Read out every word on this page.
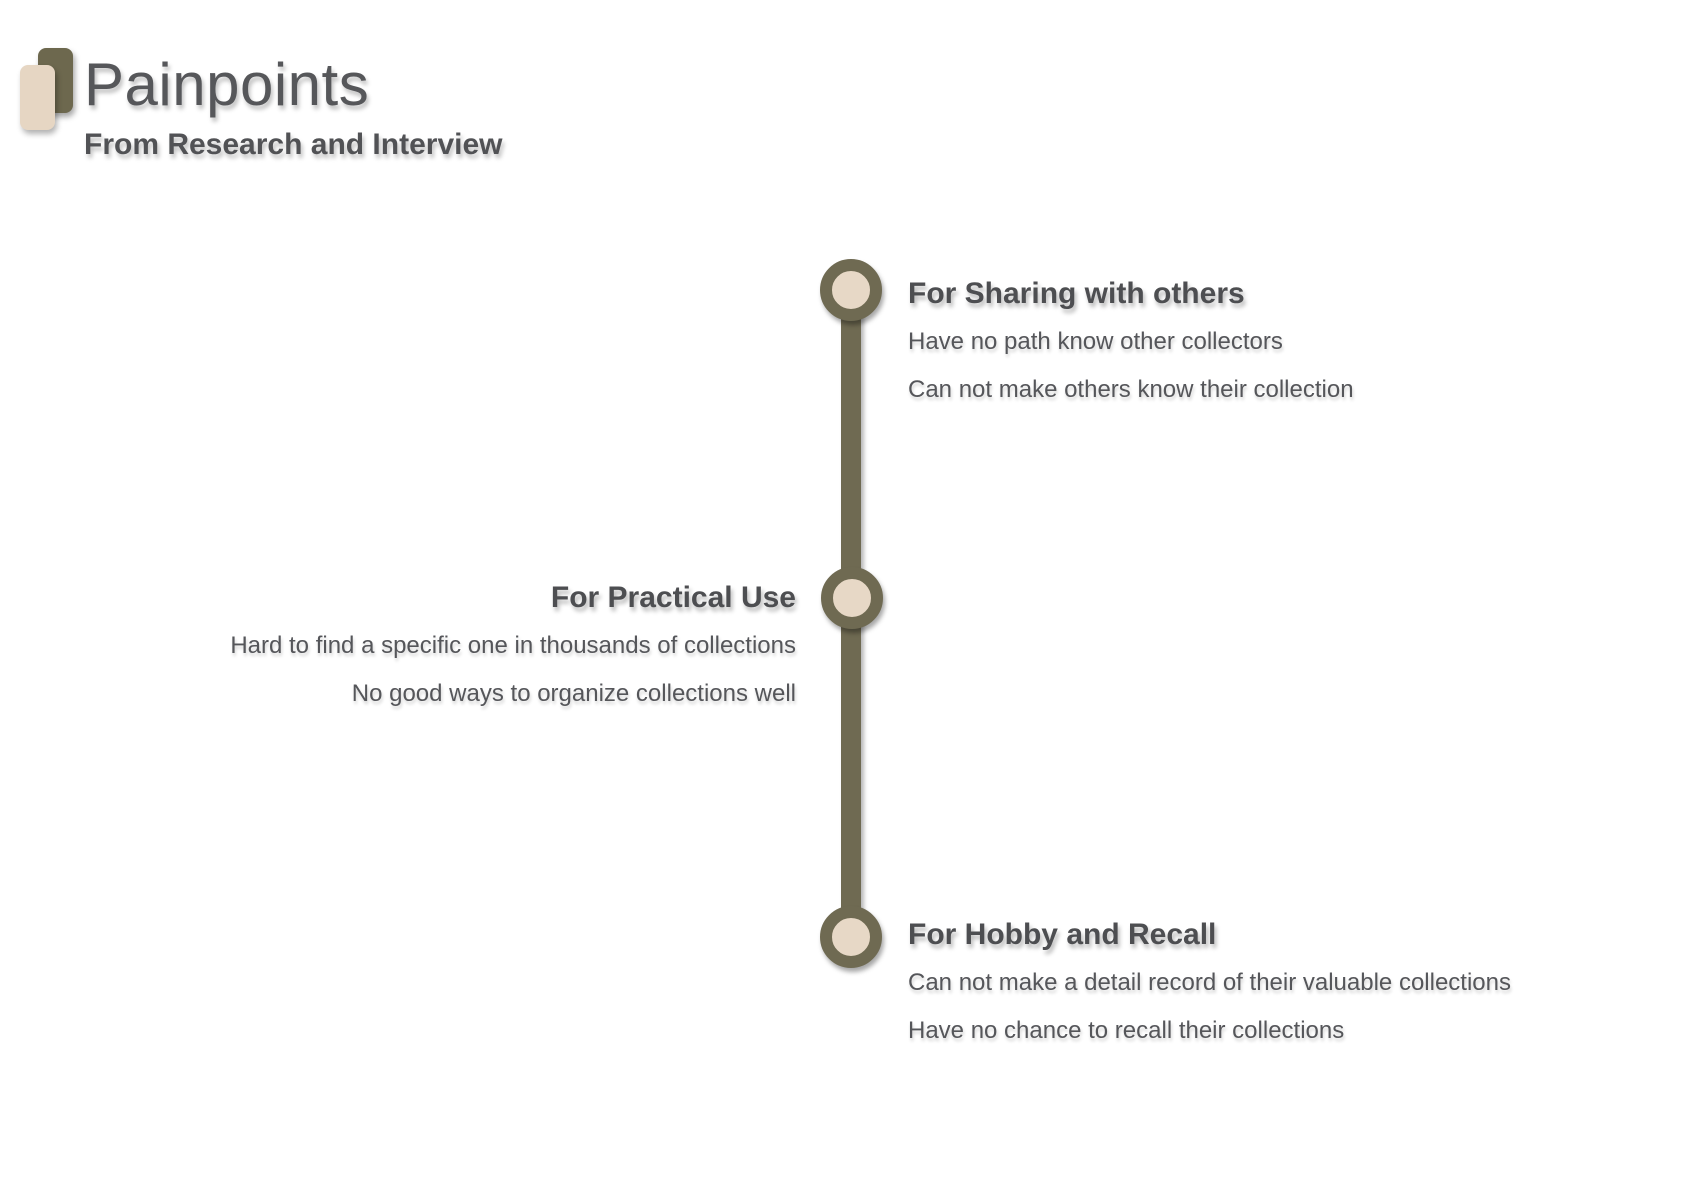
Painpoints
From Research and Interview
For Sharing with others

Have no path know other collectors

Can not make others know their collection

For Practical Use

Hard to find a specific one in thousands of collections

No good ways to organize collections well

For Hobby and Recall

Can not make a detail record of their valuable collections

Have no chance to recall their collections
